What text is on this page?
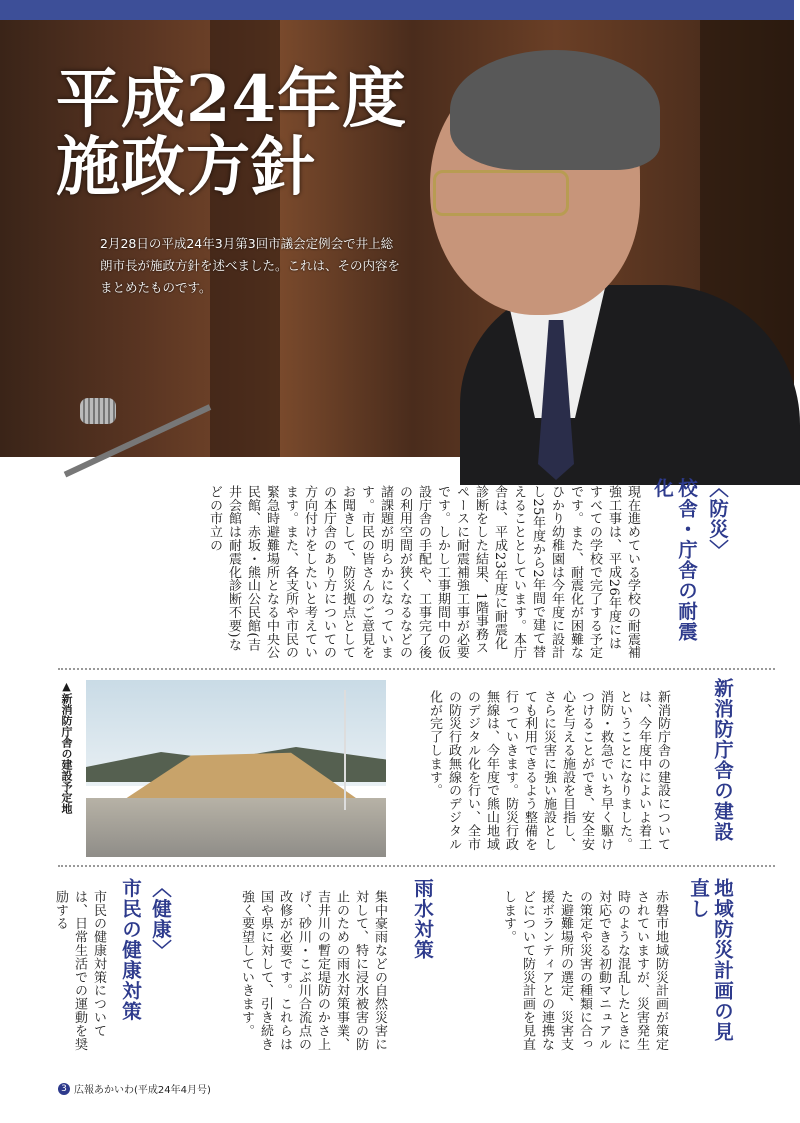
平成24年度
施政方針

2月28日の平成24年3月第3回市議会定例会で井上総朗市長が施政方針を述べました。これは、その内容をまとめたものです。

〈防災〉
校舎・庁舎の耐震化
現在進めている学校の耐震補強工事は、平成26年度にはすべての学校で完了する予定です。また、耐震化が困難なひかり幼稚園は今年度に設計し25年度から2年間で建て替えることとしています。本庁舎は、平成23年度に耐震化診断をした結果、1階事務スペースに耐震補強工事が必要です。しかし工事期間中の仮設庁舎の手配や、工事完了後の利用空間が狭くなるなどの諸課題が明らかになっています。市民の皆さんのご意見をお聞きして、防災拠点としての本庁舎のあり方についての方向付けをしたいと考えています。また、各支所や市民の緊急時避難場所となる中央公民館、赤坂・熊山公民館(吉井会館は耐震化診断不要)などの市立の
新消防庁舎の建設
新消防庁舎の建設については、今年度中によいよ着工ということになりました。消防・救急でいち早く駆けつけることができ、安全安心を与える施設を目指し、さらに災害に強い施設としても利用できるよう整備を行っていきます。防災行政無線は、今年度で熊山地域のデジタル化を行い、全市の防災行政無線のデジタル化が完了します。
▲新消防庁舎の建設予定地
地域防災計画の見直し
赤磐市地域防災計画が策定されていますが、災害発生時のような混乱したときに対応できる初動マニュアルの策定や災害の種類に合った避難場所の選定、災害支援ボランティアとの連携などについて防災計画を見直します。
雨水対策
集中豪雨などの自然災害に対して、特に浸水被害の防止のための雨水対策事業、吉井川の暫定堤防のかさ上げ、砂川・こぶ川合流点の改修が必要です。これらは国や県に対して、引き続き強く要望していきます。
〈健康〉
市民の健康対策
市民の健康対策については、日常生活での運動を奨励する
3 広報あかいわ(平成24年4月号)
